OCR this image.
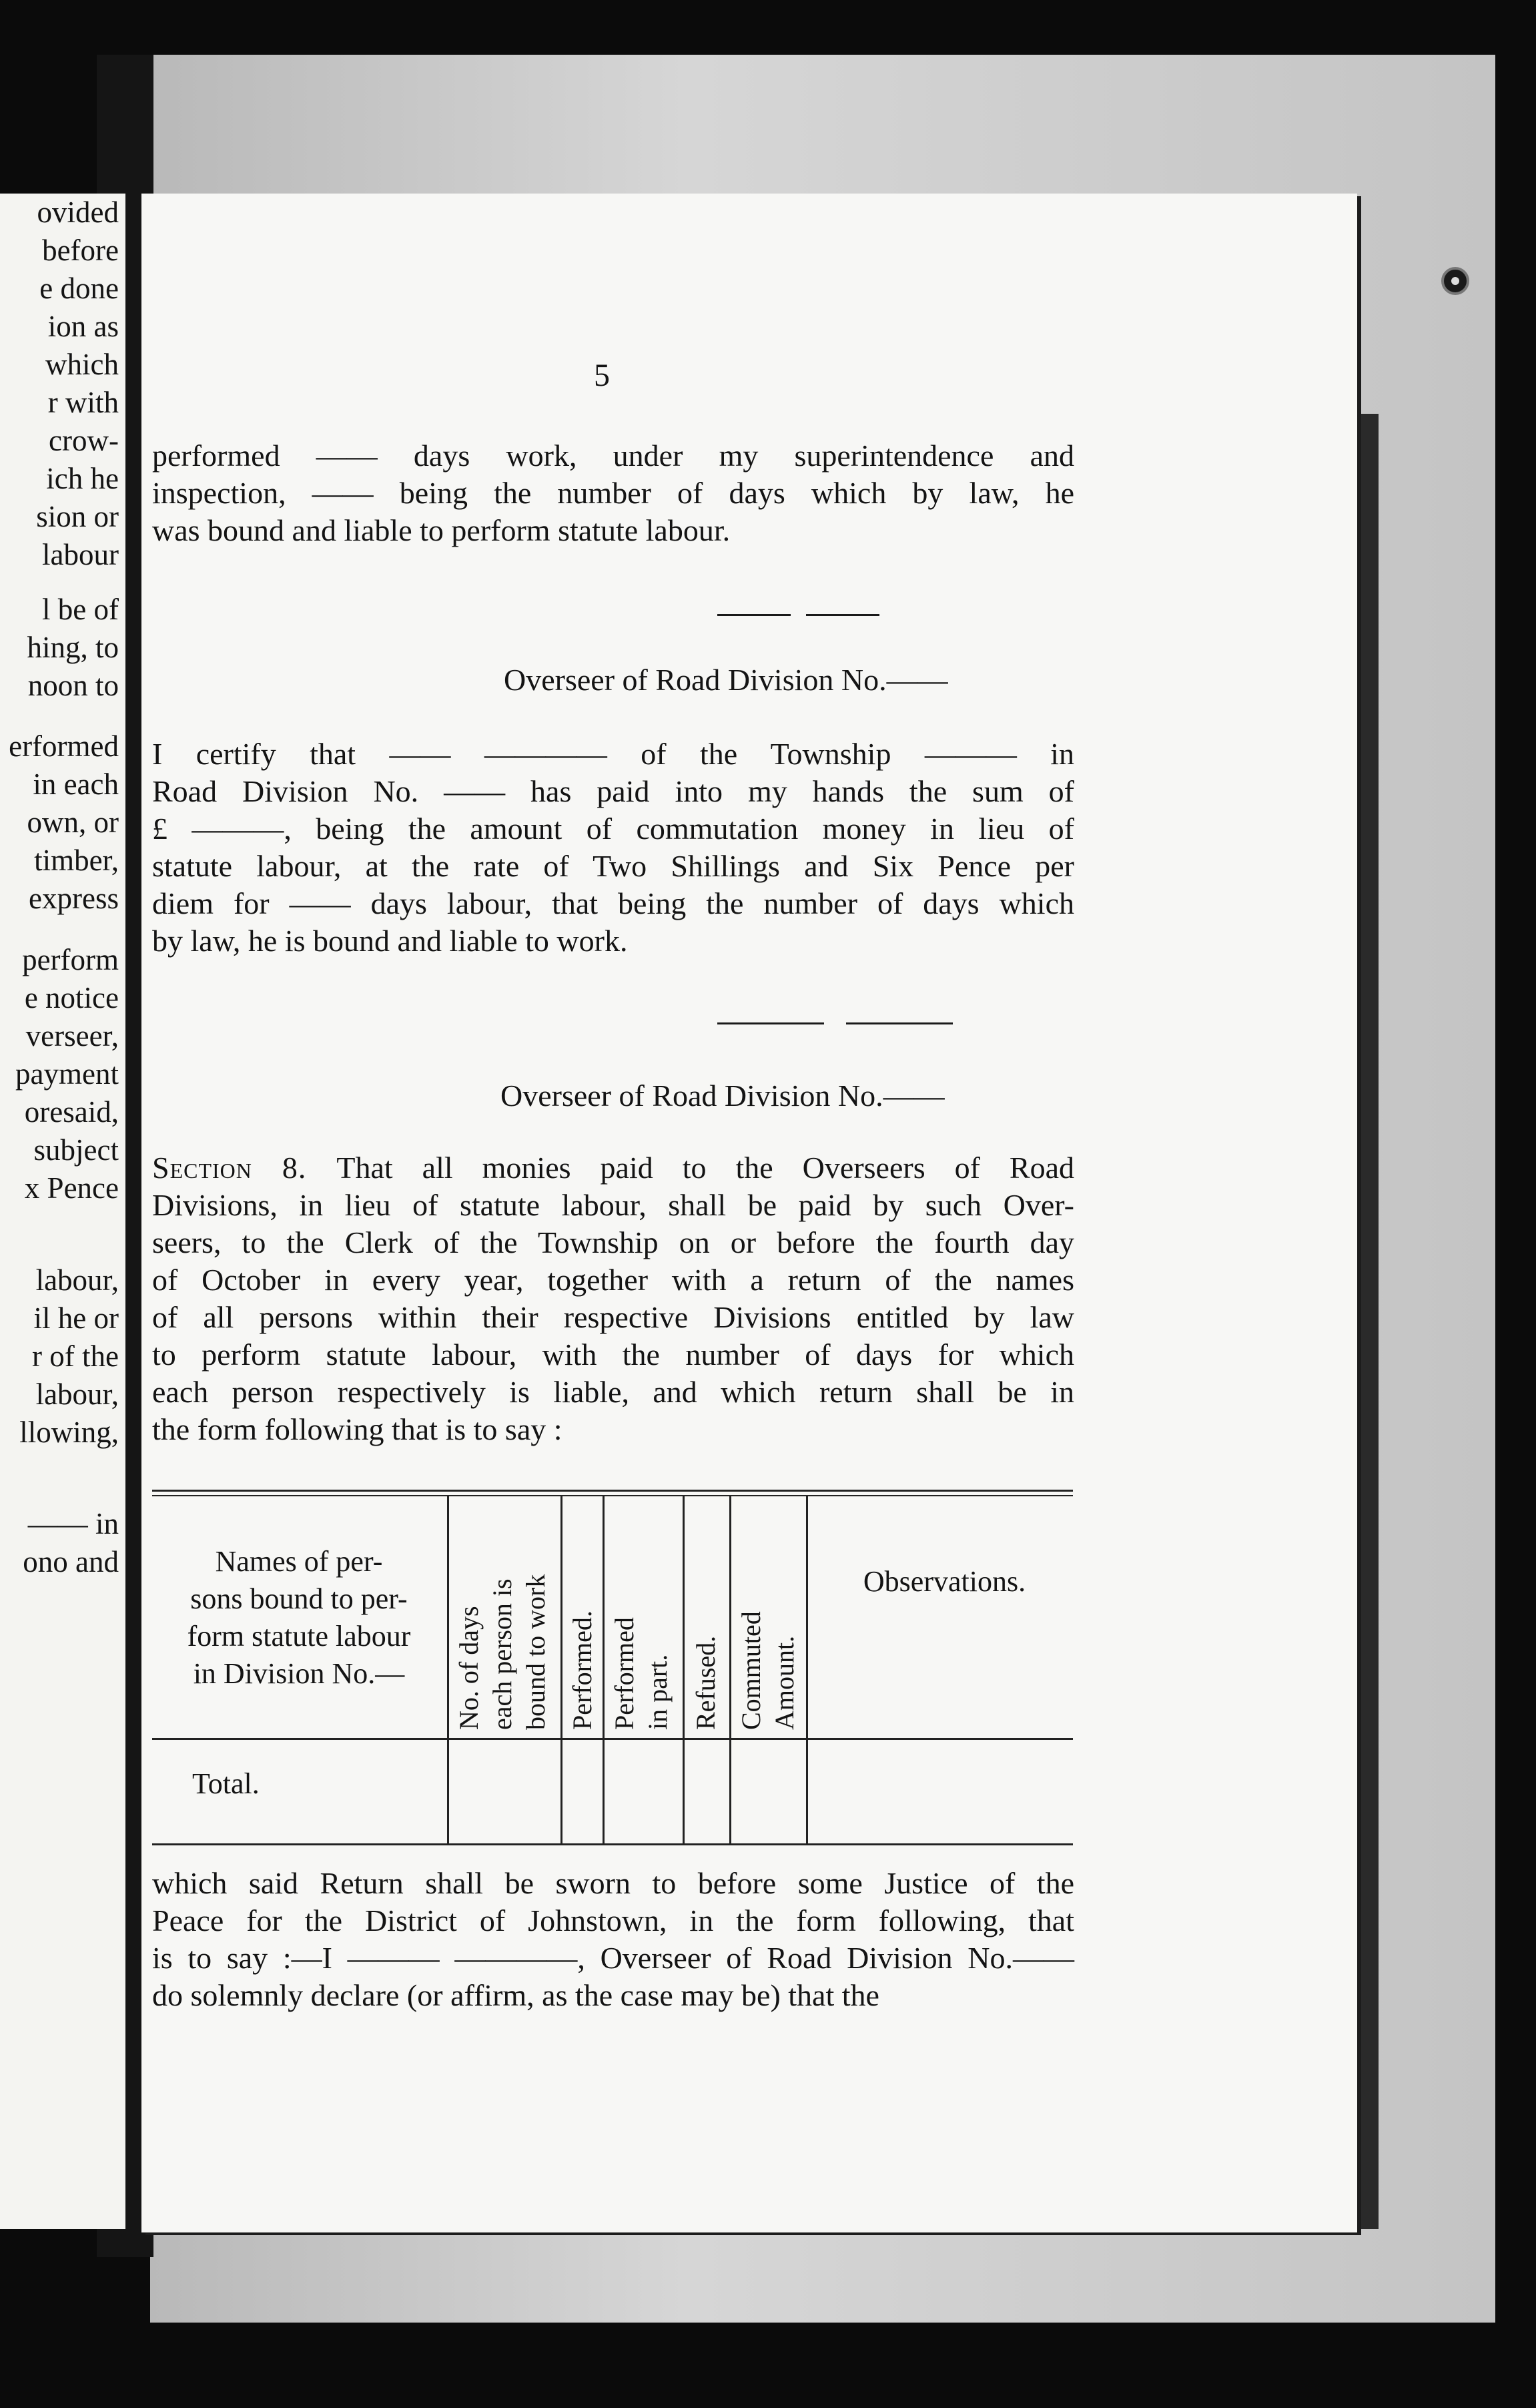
ovided
before
e done
ion as
which
r with
crow-
ich he
sion or
labour
l be of
hing, to
noon to
erformed
in each
own, or
timber,
express
perform
e notice
verseer,
payment
oresaid,
subject
x Pence
labour,
il he or
r of the
labour,
llowing,
—— in
ono and
5
performed —— days work, under my superintendence and
inspection, —— being the number of days which by law, he
was bound and liable to perform statute labour.
Overseer of Road Division No.——
I certify that —— ———— of the Township ——— in
Road Division No. —— has paid into my hands the sum of
£ ———, being the amount of commutation money in lieu of
statute labour, at the rate of Two Shillings and Six Pence per
diem for —— days labour, that being the number of days which
by law, he is bound and liable to work.
Overseer of Road Division No.——
Section 8. That all monies paid to the Overseers of Road
Divisions, in lieu of statute labour, shall be paid by such Over-
seers, to the Clerk of the Township on or before the fourth day
of October in every year, together with a return of the names
of all persons within their respective Divisions entitled by law
to perform statute labour, with the number of days for which
each person respectively is liable, and which return shall be in
the form following that is to say :
Names of per-
sons bound to per-
form statute labour
in Division No.—	No. of days each person is bound to work Performed. Performed in part. Refused. Commuted Amount.
Observations.
Total.
which said Return shall be sworn to before some Justice of the
Peace for the District of Johnstown, in the form following, that
is to say :—I ——— ————, Overseer of Road Division No.——
do solemnly declare (or affirm, as the case may be) that the
